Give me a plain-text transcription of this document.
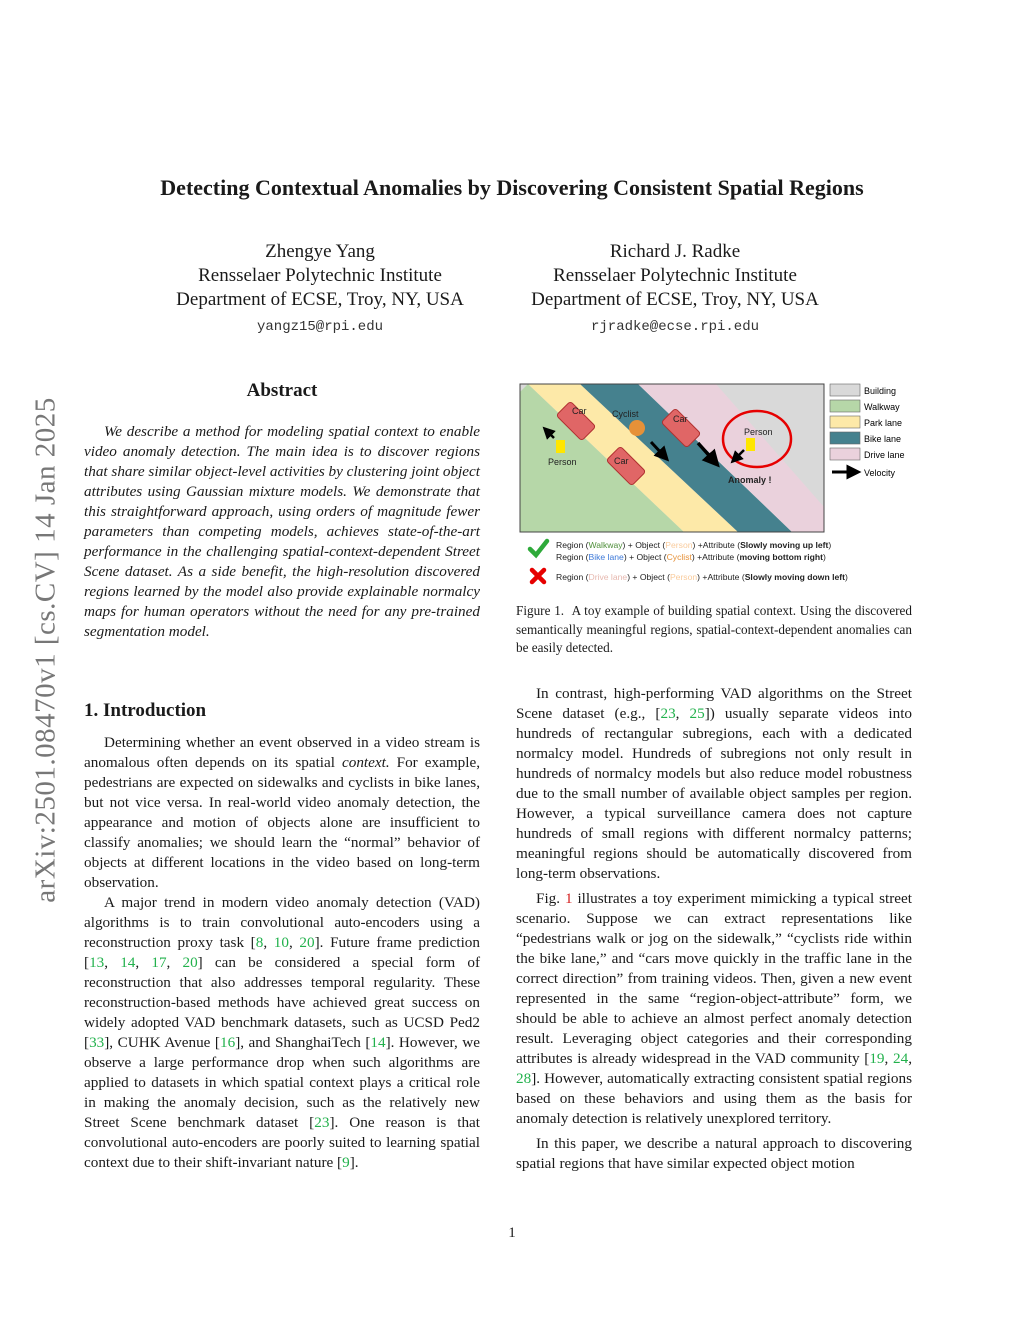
arXiv:2501.08470v1 [cs.CV] 14 Jan 2025
Detecting Contextual Anomalies by Discovering Consistent Spatial Regions
Zhengye Yang
Rensselaer Polytechnic Institute
Department of ECSE, Troy, NY, USA
yangz15@rpi.edu
Richard J. Radke
Rensselaer Polytechnic Institute
Department of ECSE, Troy, NY, USA
rjradke@ecse.rpi.edu
Abstract

We describe a method for modeling spatial context to enable video anomaly detection. The main idea is to discover regions that share similar object-level activities by clustering joint object attributes using Gaussian mixture models. We demonstrate that this straightforward approach, using orders of magnitude fewer parameters than competing models, achieves state-of-the-art performance in the challenging spatial-context-dependent Street Scene dataset. As a side benefit, the high-resolution discovered regions learned by the model also provide explainable normalcy maps for human operators without the need for any pre-trained segmentation model.

1. Introduction

Determining whether an event observed in a video stream is anomalous often depends on its spatial context. For example, pedestrians are expected on sidewalks and cyclists in bike lanes, but not vice versa. In real-world video anomaly detection, the appearance and motion of objects alone are insufficient to classify anomalies; we should learn the “normal” behavior of objects at different locations in the video based on long-term observation.

A major trend in modern video anomaly detection (VAD) algorithms is to train convolutional auto-encoders using a reconstruction proxy task [8, 10, 20]. Future frame prediction [13, 14, 17, 20] can be considered a special form of reconstruction that also addresses temporal regularity. These reconstruction-based methods have achieved great success on widely adopted VAD benchmark datasets, such as UCSD Ped2 [33], CUHK Avenue [16], and ShanghaiTech [14]. However, we observe a large performance drop when such algorithms are applied to datasets in which spatial context plays a critical role in making the anomaly decision, such as the relatively new Street Scene benchmark dataset [23]. One reason is that convolutional auto-encoders are poorly suited to learning spatial context due to their shift-invariant nature [9].

Car
Car
Car
Cyclist
Person
Person
Anomaly !
Building
Walkway
Park lane
Bike lane
Drive lane
Velocity
Region (Walkway) + Object (Person) +Attribute (Slowly moving up left)
Region (Bike lane) + Object (Cyclist) +Attribute (moving bottom right)
Region (Drive lane) + Object (Person) +Attribute (Slowly moving down left)
Figure 1. A toy example of building spatial context. Using the discovered semantically meaningful regions, spatial-context-dependent anomalies can be easily detected.

In contrast, high-performing VAD algorithms on the Street Scene dataset (e.g., [23, 25]) usually separate videos into hundreds of rectangular subregions, each with a dedicated normalcy model. Hundreds of subregions not only result in hundreds of normalcy models but also reduce model robustness due to the small number of available object samples per region. However, a typical surveillance camera does not capture hundreds of small regions with different normalcy patterns; meaningful regions should be automatically discovered from long-term observations.

Fig. 1 illustrates a toy experiment mimicking a typical street scenario. Suppose we can extract representations like “pedestrians walk or jog on the sidewalk,” “cyclists ride within the bike lane,” and “cars move quickly in the traffic lane in the correct direction” from training videos. Then, given a new event represented in the same “region-object-attribute” form, we should be able to achieve an almost perfect anomaly detection result. Leveraging object categories and their corresponding attributes is already widespread in the VAD community [19, 24, 28]. However, automatically extracting consistent spatial regions based on these behaviors and using them as the basis for anomaly detection is relatively unexplored territory.

In this paper, we describe a natural approach to discovering spatial regions that have similar expected object motion

1
